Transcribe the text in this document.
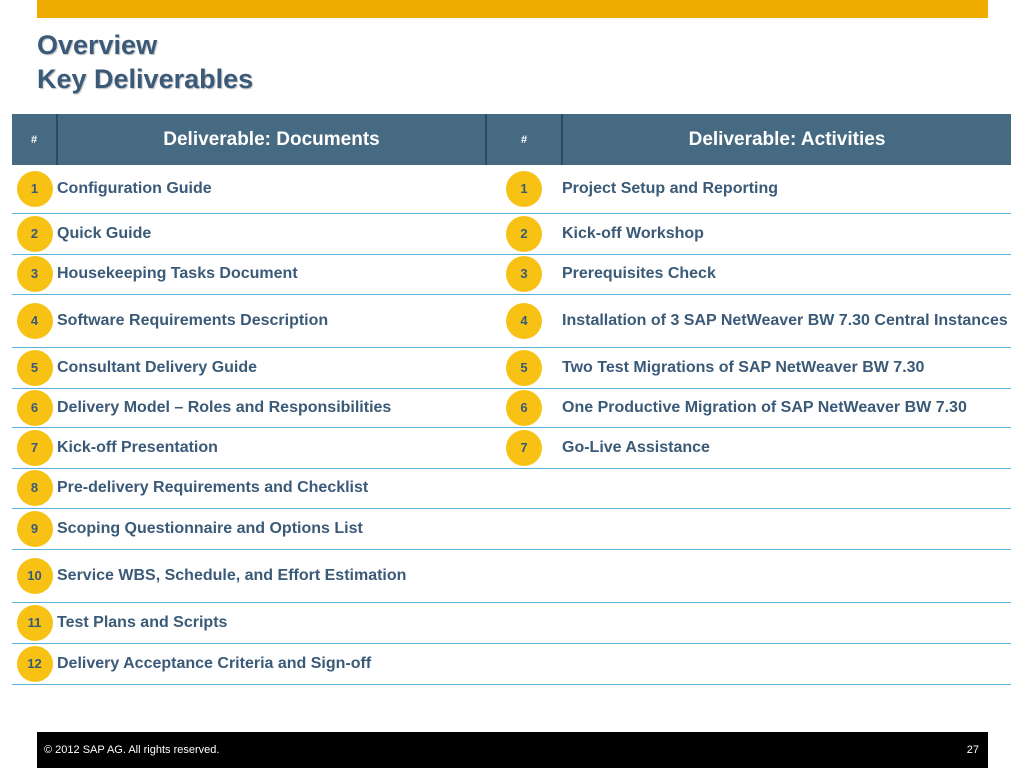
Overview
Key Deliverables
#	Deliverable: Documents	#	Deliverable: Activities
1	Configuration Guide	1	Project Setup and Reporting
2	Quick Guide	2	Kick-off Workshop
3	Housekeeping Tasks Document	3	Prerequisites Check
4	Software Requirements Description	4	Installation of 3 SAP NetWeaver BW 7.30 Central Instances
5	Consultant Delivery Guide	5	Two Test Migrations of SAP NetWeaver BW 7.30
6	Delivery Model – Roles and Responsibilities	6	One Productive Migration of SAP NetWeaver BW 7.30
7	Kick-off Presentation	7	Go-Live Assistance
8	Pre-delivery Requirements and Checklist		
9	Scoping Questionnaire and Options List		
10	Service WBS, Schedule, and Effort Estimation		
11	Test Plans and Scripts		
12	Delivery Acceptance Criteria and Sign-off		
© 2012 SAP AG. All rights reserved.	27
